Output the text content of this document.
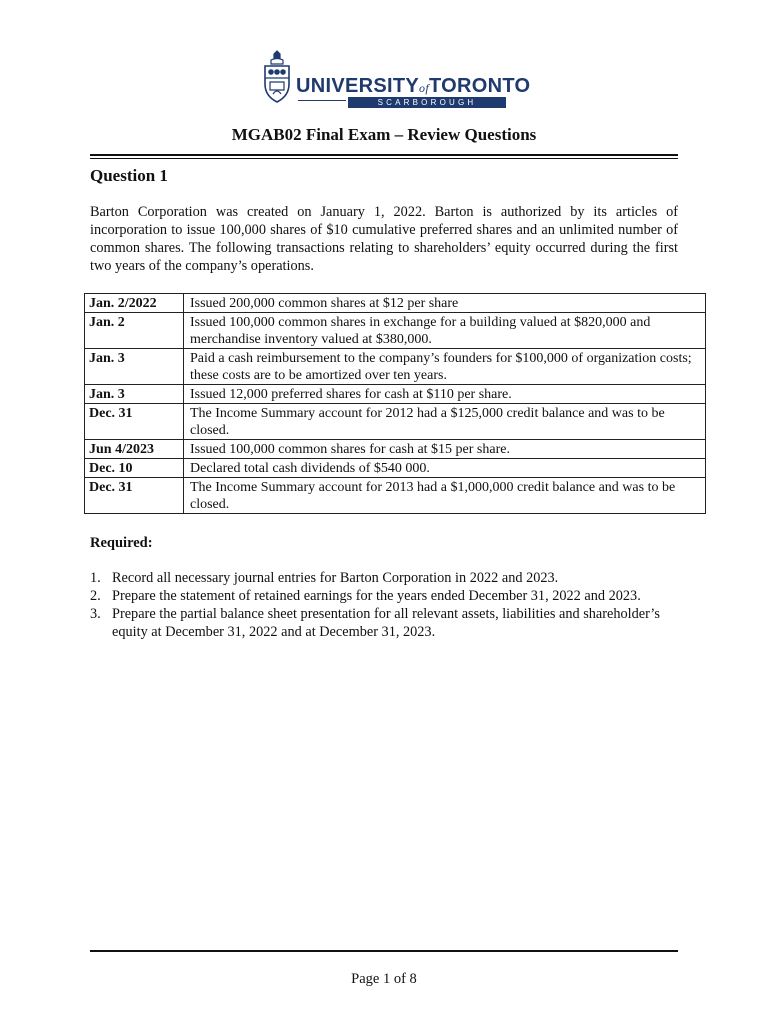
UNIVERSITYofTORONTO
SCARBOROUGH
MGAB02 Final Exam – Review Questions
Question 1
Barton Corporation was created on January 1, 2022. Barton is authorized by its articles of incorporation to issue 100,000 shares of $10 cumulative preferred shares and an unlimited number of common shares. The following transactions relating to shareholders’ equity occurred during the first two years of the company’s operations.
Jan. 2/2022	Issued 200,000 common shares at $12 per share
Jan. 2	Issued 100,000 common shares in exchange for a building valued at $820,000 and merchandise inventory valued at $380,000.
Jan. 3	Paid a cash reimbursement to the company’s founders for $100,000 of organization costs; these costs are to be amortized over ten years.
Jan. 3	Issued 12,000 preferred shares for cash at $110 per share.
Dec. 31	The Income Summary account for 2012 had a $125,000 credit balance and was to be closed.
Jun 4/2023	Issued 100,000 common shares for cash at $15 per share.
Dec. 10	Declared total cash dividends of $540 000.
Dec. 31	The Income Summary account for 2013 had a $1,000,000 credit balance and was to be closed.
Required:
1. Record all necessary journal entries for Barton Corporation in 2022 and 2023.
2. Prepare the statement of retained earnings for the years ended December 31, 2022 and 2023.
3. Prepare the partial balance sheet presentation for all relevant assets, liabilities and shareholder’s equity at December 31, 2022 and at December 31, 2023.
Page 1 of 8
